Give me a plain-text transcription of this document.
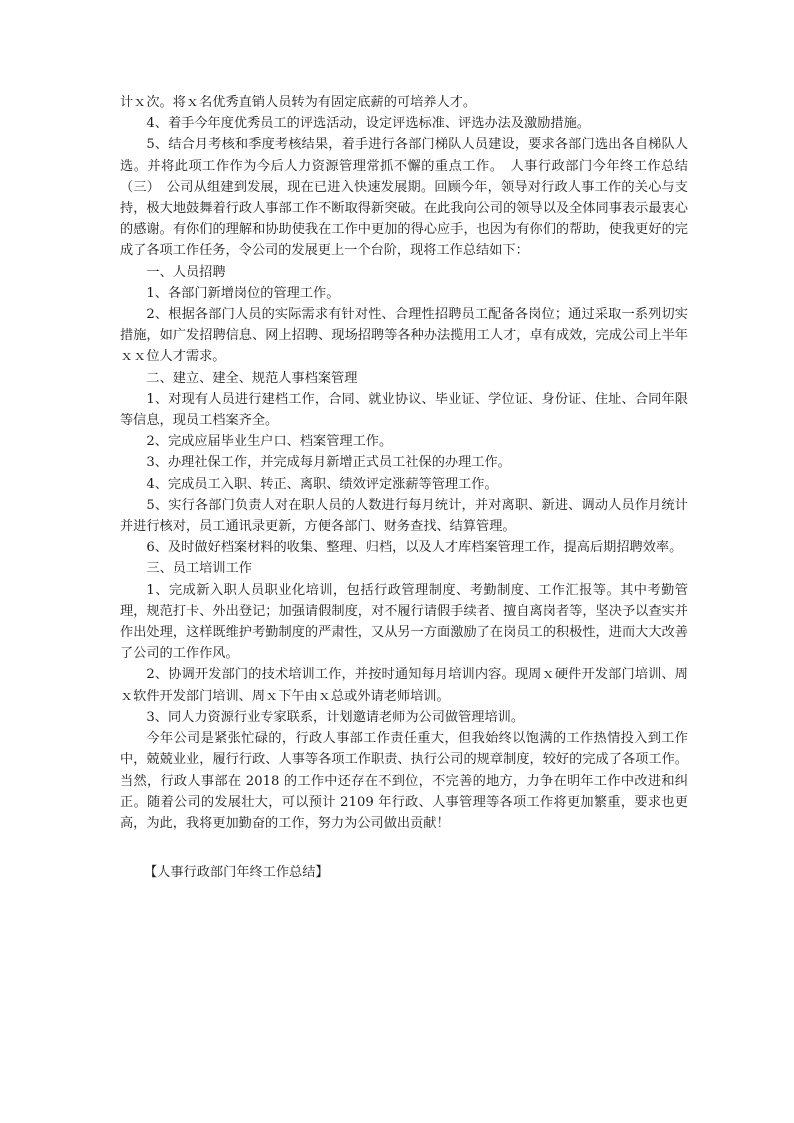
计ｘ次。将ｘ名优秀直销人员转为有固定底薪的可培养人才。

4、着手今年度优秀员工的评选活动，设定评选标准、评选办法及激励措施。

5、结合月考核和季度考核结果，着手进行各部门梯队人员建设，要求各部门选出各自梯队人选。并将此项工作作为今后人力资源管理常抓不懈的重点工作。　人事行政部门今年终工作总结（三）　公司从组建到发展，现在已进入快速发展期。回顾今年，领导对行政人事工作的关心与支持，极大地鼓舞着行政人事部工作不断取得新突破。在此我向公司的领导以及全体同事表示最衷心的感谢。有你们的理解和协助使我在工作中更加的得心应手，也因为有你们的帮助，使我更好的完成了各项工作任务，令公司的发展更上一个台阶，现将工作总结如下：

一、人员招聘

1、各部门新增岗位的管理工作。

2、根据各部门人员的实际需求有针对性、合理性招聘员工配备各岗位；通过采取一系列切实措施，如广发招聘信息、网上招聘、现场招聘等各种办法揽用工人才，卓有成效，完成公司上半年ｘｘ位人才需求。

二、建立、建全、规范人事档案管理

1、对现有人员进行建档工作，合同、就业协议、毕业证、学位证、身份证、住址、合同年限等信息，现员工档案齐全。

2、完成应届毕业生户口、档案管理工作。

3、办理社保工作，并完成每月新增正式员工社保的办理工作。

4、完成员工入职、转正、离职、绩效评定涨薪等管理工作。

5、实行各部门负责人对在职人员的人数进行每月统计，并对离职、新进、调动人员作月统计并进行核对，员工通讯录更新，方便各部门、财务查找、结算管理。

6、及时做好档案材料的收集、整理、归档，以及人才库档案管理工作，提高后期招聘效率。

三、员工培训工作

1、完成新入职人员职业化培训，包括行政管理制度、考勤制度、工作汇报等。其中考勤管理，规范打卡、外出登记；加强请假制度，对不履行请假手续者、擅自离岗者等，坚决予以查实并作出处理，这样既维护考勤制度的严肃性，又从另一方面激励了在岗员工的积极性，进而大大改善了公司的工作作风。

2、协调开发部门的技术培训工作，并按时通知每月培训内容。现周ｘ硬件开发部门培训、周ｘ软件开发部门培训、周ｘ下午由ｘ总或外请老师培训。

3、同人力资源行业专家联系，计划邀请老师为公司做管理培训。

今年公司是紧张忙碌的，行政人事部工作责任重大，但我始终以饱满的工作热情投入到工作中，兢兢业业，履行行政、人事等各项工作职责、执行公司的规章制度，较好的完成了各项工作。当然，行政人事部在 2018 的工作中还存在不到位，不完善的地方，力争在明年工作中改进和纠正。随着公司的发展壮大，可以预计 2109 年行政、人事管理等各项工作将更加繁重，要求也更高，为此，我将更加勤奋的工作，努力为公司做出贡献！

【人事行政部门年终工作总结】
